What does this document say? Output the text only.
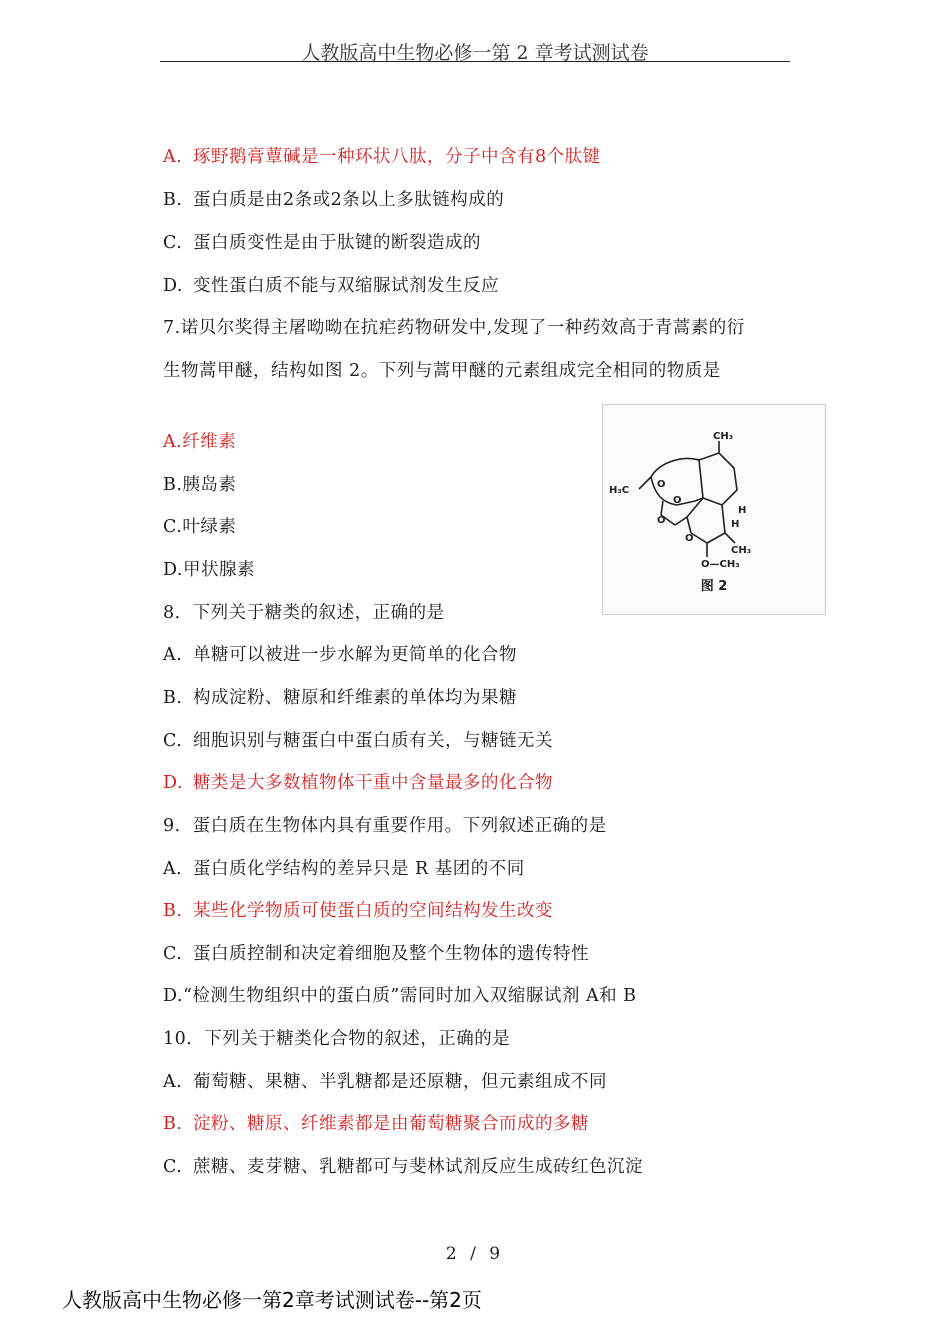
人教版高中生物必修一第 2 章考试测试卷
A. 琢野鹅膏蕈碱是一种环状八肽，分子中含有8个肽键
B. 蛋白质是由2条或2条以上多肽链构成的
C. 蛋白质变性是由于肽键的断裂造成的
D. 变性蛋白质不能与双缩脲试剂发生反应
7.诺贝尔奖得主屠呦呦在抗疟药物研发中,发现了一种药效高于青蒿素的衍
生物蒿甲醚，结构如图 2。下列与蒿甲醚的元素组成完全相同的物质是
A.纤维素
B.胰岛素
C.叶绿素
D.甲状腺素
CH₃
H₃C
O
O
O
O
H
H
CH₃
O—CH₃
图 2
8．下列关于糖类的叙述，正确的是
A. 单糖可以被进一步水解为更简单的化合物
B. 构成淀粉、糖原和纤维素的单体均为果糖
C. 细胞识别与糖蛋白中蛋白质有关，与糖链无关
D. 糖类是大多数植物体干重中含量最多的化合物
9．蛋白质在生物体内具有重要作用。下列叙述正确的是
A. 蛋白质化学结构的差异只是 R 基团的不同
B. 某些化学物质可使蛋白质的空间结构发生改变
C. 蛋白质控制和决定着细胞及整个生物体的遗传特性
D.“检测生物组织中的蛋白质”需同时加入双缩脲试剂 A和 B
10．下列关于糖类化合物的叙述，正确的是
A. 葡萄糖、果糖、半乳糖都是还原糖，但元素组成不同
B. 淀粉、糖原、纤维素都是由葡萄糖聚合而成的多糖
C. 蔗糖、麦芽糖、乳糖都可与斐林试剂反应生成砖红色沉淀
2 / 9
人教版高中生物必修一第2章考试测试卷--第2页
